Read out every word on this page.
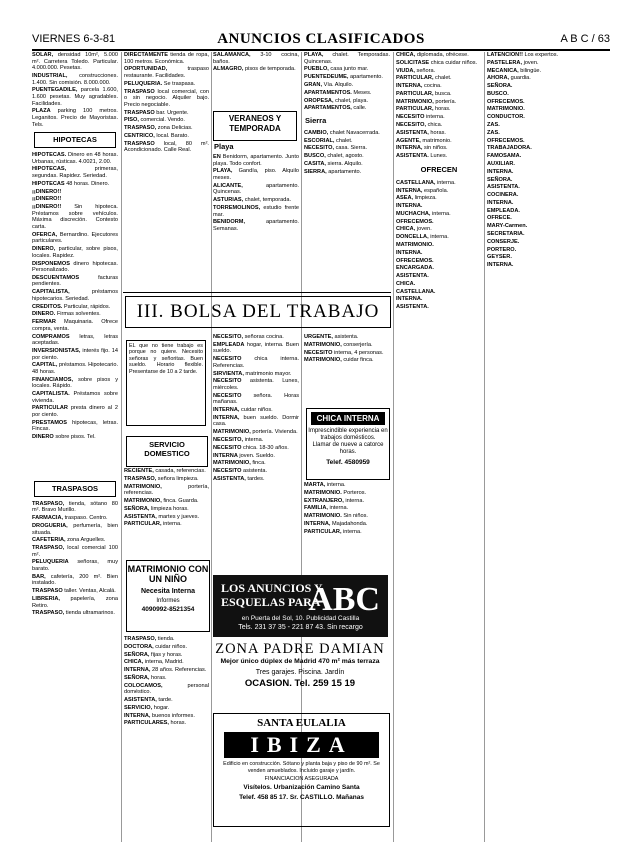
VIERNES 6-3-81	ANUNCIOS CLASIFICADOS	A B C / 63

SOLAR, densidad 10m², 5.000 m². Carretera Toledo. Particular. 4.000.000. Pesetas.

INDUSTRIAL, construcciones. 1.400. Sin comisión. 8.000.000.

PUENTEGADILE, parcela 1.600, 1.600 pesetas. Muy agradables. Facilidades.

PLAZA parking 100 metros. Leganitos. Precio de Mayoristas. Tels.

HIPOTECAS

HIPOTECAS. Dinero en 48 horas. Urbanas, rústicas. 4.0021, 2.00.

HIPOTECAS, primeras, segundas. Rapidez. Seriedad.

HIPOTECAS 48 horas. Dinero.

¡¡DINERO!!

¡¡DINERO!!

¡¡DINERO!! Sin hipoteca. Préstamos sobre vehículos. Máxima discreción. Contesto carta.

OFERCA, Bernardino. Ejecutores particulares.

DINERO, particular, sobre pisos, locales. Rapidez.

DISPONEMOS dinero hipotecas. Personalizado.

DESCUENTAMOS facturas pendientes.

CAPITALISTA, préstamos hipotecarios. Seriedad.

CREDITOS. Particular, rápidos.

DINERO. Firmas solventes.

FERMAR Maquinaria. Ofrece compra, venta.

COMPRAMOS letras, letras aceptadas.

INVERSIONISTAS, interés fijo. 14 por ciento.

CAPITAL, préstamos. Hipotecario. 48 horas.

FINANCIAMOS, sobre pisos y locales. Rápido.

CAPITALISTA. Préstamos sobre vivienda.

PARTICULAR presta dinero al 2 por ciento.

PRESTAMOS hipotecas, letras. Fincas.

DINERO sobre pisos. Tel.

TRASPASOS

TRASPASO, tienda, sótano 80 m². Bravo Murillo.

FARMACIA, traspaso. Centro.

DROGUERIA, perfumería, bien situada.

CAFETERIA, zona Arguelles.

TRASPASO, local comercial 100 m².

PELUQUERIA señoras, muy barato.

BAR, cafetería, 200 m². Bien instalado.

TRASPASO taller. Ventas, Alcalá.

LIBRERIA, papelería, zona Retiro.

TRASPASO, tienda ultramarinos.

DIRECTAMENTE tienda de ropa, 100 metros. Económica.

OPORTUNIDAD, traspaso restaurante. Facilidades.

PELUQUERIA. Se traspasa.

TRASPASO local comercial, con o sin negocio. Alquiler bajo. Precio negociable.

TRASPASO bar. Urgente.

PISO, comercial. Vendo.

TRASPASO, zona Delicias.

CENTRICO, local. Barato.

TRASPASO local, 80 m². Acondicionado. Calle Real.

RECIENTE, casada, referencias.

TRASPASO, señora limpieza.

MATRIMONIO, portería, referencias.

MATRIMONIO, finca. Guarda.

SEÑORA, limpieza horas.

ASISTENTA, martes y jueves.

PARTICULAR, interna.

TRASPASO, tienda.

DOCTORA, cuidar niños.

SEÑORA, fijas y horas.

CHICA, interna, Madrid.

INTERNA, 28 años. Referencias.

SEÑORA, horas.

COLOCAMOS, personal doméstico.

ASISTENTA, tarde.

SERVICIO, hogar.

INTERNA, buenos informes.

PARTICULARES, horas.

SALAMANCA, 3-10 cocina, baños.

ALMAGRO, pisos de temporada.

VERANEOS Y TEMPORADA
Playa

EN Benidorm, apartamento. Junto playa. Todo confort.

PLAYA, Gandía, piso. Alquilo meses.

ALICANTE, apartamento. Quincenas.

ASTURIAS, chalet, temporada.

TORREMOLINOS, estudio frente mar.

BENIDORM, apartamento. Semanas.

NECESITO, señoras cocina.

EMPLEADA hogar, interna. Buen sueldo.

NECESITO chica interna. Referencias.

SIRVIENTA, matrimonio mayor.

NECESITO asistenta. Lunes, miércoles.

NECESITO señora. Horas mañanas.

INTERNA, cuidar niños.

INTERNA, buen sueldo. Dormir casa.

MATRIMONIO, portería. Vivienda.

NECESITO, interna.

NECESITO chica. 18-30 años.

INTERNA joven. Sueldo.

MATRIMONIO, finca.

NECESITO asistenta.

ASISTENTA, tardes.

PLAYA, chalet. Temporadas. Quincenas.

PUEBLO, casa junto mar.

PUENTEDEUME, apartamento.

GRAN, Vía. Alquilo.

APARTAMENTOS. Meses.

OROPESA, chalet, playa.

APARTAMENTOS, calle.

Sierra

CAMBIO, chalet Navacerrada.

ESCORIAL, chalet.

NECESITO, casa. Sierra.

BUSCO, chalet, agosto.

CASITA, sierra. Alquilo.

SIERRA, apartamento.

URGENTE, asistenta.

MATRIMONIO, conserjería.

NECESITO interna, 4 personas.

MATRIMONIO, cuidar finca.

MARTA, interna.

MATRIMONIO. Porteros.

EXTRANJERO, interna.

FAMILIA, interna.

MATRIMONIO. Sin niños.

INTERNA, Majadahonda.

PARTICULAR, interna.

CHICA, diplomada, ofrécese.

SOLICITASE chica cuidar niños.

VIUDA, señora.

PARTICULAR, chalet.

INTERNA, cocina.

PARTICULAR, busca.

MATRIMONIO, portería.

PARTICULAR, horas.

NECESITO interna.

NECESITO, chica.

ASISTENTA, horas.

AGENTE, matrimonio.

INTERNA, sin niños.

ASISTENTA. Lunes.

OFRECEN

CASTELLANA, interna.

INTERNA, española.

ASEA, limpieza.

INTERNA.

MUCHACHA, interna.

OFRECEMOS.

CHICA, joven.

DONCELLA, interna.

MATRIMONIO.

INTERNA.

OFRECEMOS.

ENCARGADA.

ASISTENTA.

CHICA.

CASTELLANA.

INTERNA.

ASISTENTA.

LATENCION!! Los expertos.

PASTELERA, joven.

MECANICA, bilingüe.

AHORA, guardia.

SEÑORA.

BUSCO.

OFRECEMOS.

MATRIMONIO.

CONDUCTOR.

ZAS.

ZAS.

OFRECEMOS.

TRABAJADORA.

FAMOSAMA.

AUXILIAR.

INTERNA.

SEÑORA.

ASISTENTA.

COCINERA.

INTERNA.

EMPLEADA.

OFRECE.

MARY-Carmen.

SECRETARIA.

CONSERJE.

PORTERO.

GEYSER.

INTERNA.

III. BOLSA DEL TRABAJO
EL que no tiene trabajo es porque no quiere. Necesito señoras y señoritas. Buen sueldo. Horario flexible. Presentarse de 10 a 2 tarde.
SERVICIO DOMESTICO
CHICA INTERNA
Imprescindible experiencia en trabajos domésticos.
Llamar de nueve a catorce horas.
Telef. 4580959
MATRIMONIO CON UN NIÑO
Necesita Interna
Informes
4090992-8521354
LOS ANUNCIOS Y ESQUELAS PARA
ABC
en Puerta del Sol, 10. Publicidad Castilla
Tels. 231 37 35 - 221 87 43. Sin recargo
ZONA PADRE DAMIAN
Mejor único dúplex de Madrid 470 m² más terraza
Tres garajes. Piscina. Jardín
OCASION. Tel. 259 15 19
SANTA EULALIA
IBIZA
Edificio en construcción. Sótano y planta baja y piso de 90 m². Se venden amueblados. Incluido garaje y jardín.
FINANCIACION ASEGURADA
Visítelos. Urbanización Camino Santa
Telef. 458 85 17. Sr. CASTILLO. Mañanas
